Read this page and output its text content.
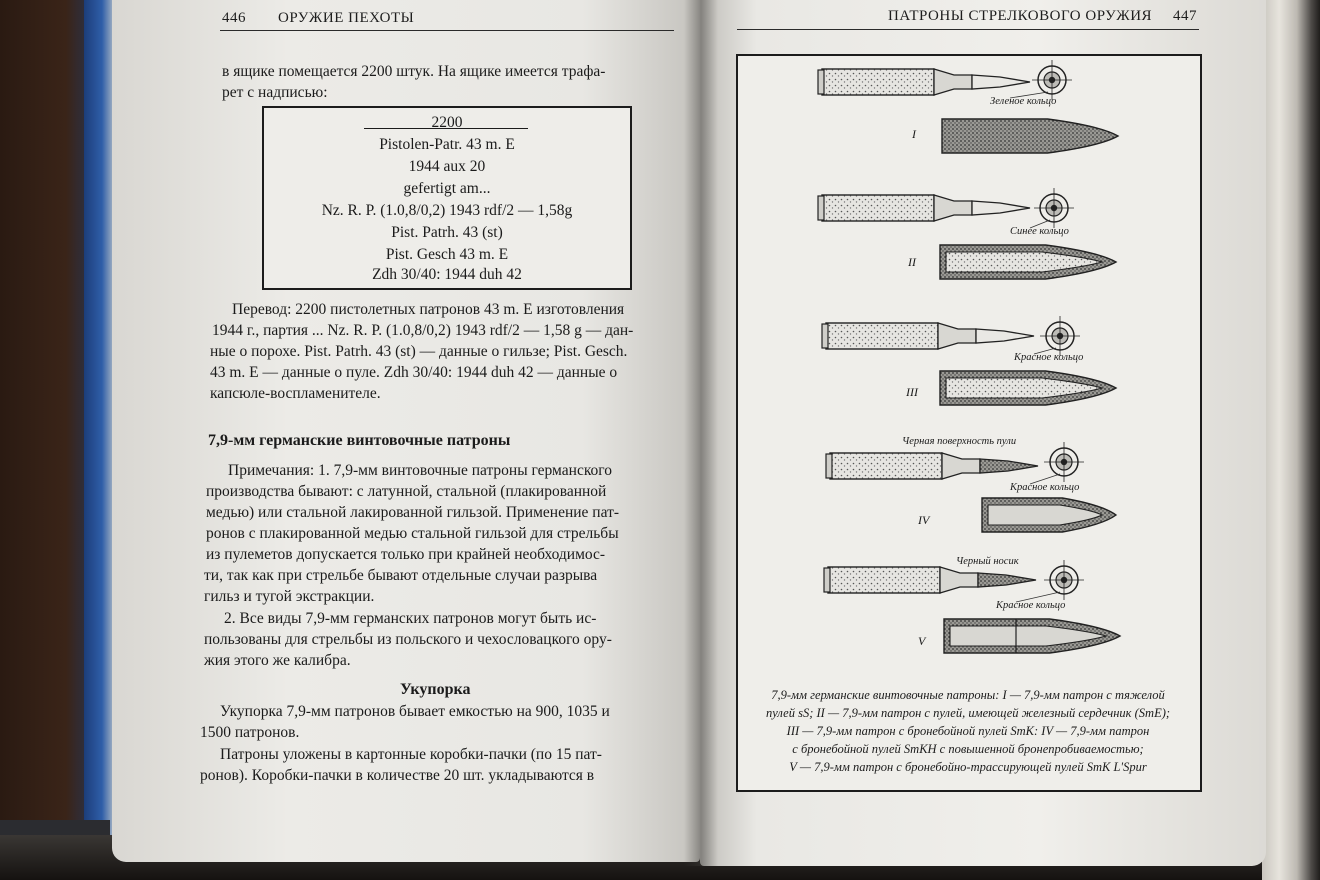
446 ОРУЖИЕ ПЕХОТЫ
в ящике помещается 2200 штук. На ящике имеется трафа-
рет с надписью:
2200
Pistolen-Patr. 43 m. E
1944 aux 20
gefertigt am...
Nz. R. P. (1.0,8/0,2) 1943 rdf/2 — 1,58g
Pist. Patrh. 43 (st)
Pist. Gesch 43 m. E
Zdh 30/40: 1944 duh 42
Перевод: 2200 пистолетных патронов 43 m. E изготовления
1944 г., партия ... Nz. R. P. (1.0,8/0,2) 1943 rdf/2 — 1,58 g — дан-
ные о порохе. Pist. Patrh. 43 (st) — данные о гильзе; Pist. Gesch.
43 m. E — данные о пуле. Zdh 30/40: 1944 duh 42 — данные о
капсюле-воспламенителе.
7,9-мм германские винтовочные патроны
Примечания: 1. 7,9-мм винтовочные патроны германского
производства бывают: с латунной, стальной (плакированной
медью) или стальной лакированной гильзой. Применение пат-
ронов с плакированной медью стальной гильзой для стрельбы
из пулеметов допускается только при крайней необходимос-
ти, так как при стрельбе бывают отдельные случаи разрыва
гильз и тугой экстракции.
2. Все виды 7,9-мм германских патронов могут быть ис-
пользованы для стрельбы из польского и чехословацкого ору-
жия этого же калибра.
Укупорка
Укупорка 7,9-мм патронов бывает емкостью на 900, 1035 и
1500 патронов.
Патроны уложены в картонные коробки-пачки (по 15 пат-
ронов). Коробки-пачки в количестве 20 шт. укладываются в
ПАТРОНЫ СТРЕЛКОВОГО ОРУЖИЯ 447
I
Зеленое кольцо
II
Синее кольцо
III
Красное кольцо
IV
Красное кольцо
Черная поверхность пули
V
Красное кольцо
Черный носик
7,9-мм германские винтовочные патроны: I — 7,9-мм патрон с тяжелой
пулей sS; II — 7,9-мм патрон с пулей, имеющей железный сердечник (SmE);
III — 7,9-мм патрон с бронебойной пулей SmK: IV — 7,9-мм патрон
с бронебойной пулей SmKH с повышенной бронепробиваемостью;
V — 7,9-мм патрон с бронебойно-трассирующей пулей SmK L'Spur
